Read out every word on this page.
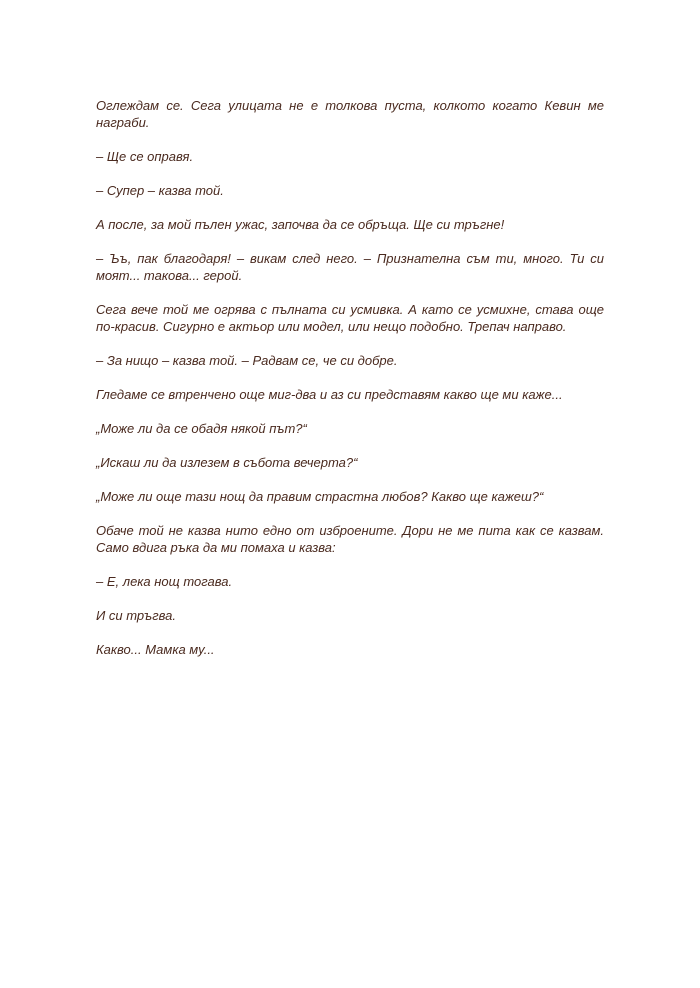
Оглеждам се. Сега улицата не е толкова пуста, колкото когато Кевин ме награби.

– Ще се оправя.

– Супер – казва той.

А после, за мой пълен ужас, започва да се обръща. Ще си тръгне!

– Ъъ, пак благодаря! – викам след него. – Признателна съм ти, много. Ти си моят... такова... герой.

Сега вече той ме огрява с пълната си усмивка. А като се усмихне, става още по-красив. Сигурно е актьор или модел, или нещо подобно. Трепач направо.

– За нищо – казва той. – Радвам се, че си добре.

Гледаме се втренчено още миг-два и аз си представям какво ще ми каже...

„Може ли да се обадя някой път?“

„Искаш ли да излезем в събота вечерта?“

„Може ли още тази нощ да правим страстна любов? Какво ще кажеш?“

Обаче той не казва нито едно от изброените. Дори не ме пита как се казвам. Само вдига ръка да ми помаха и казва:

– Е, лека нощ тогава.

И си тръгва.

Какво... Мамка му...
